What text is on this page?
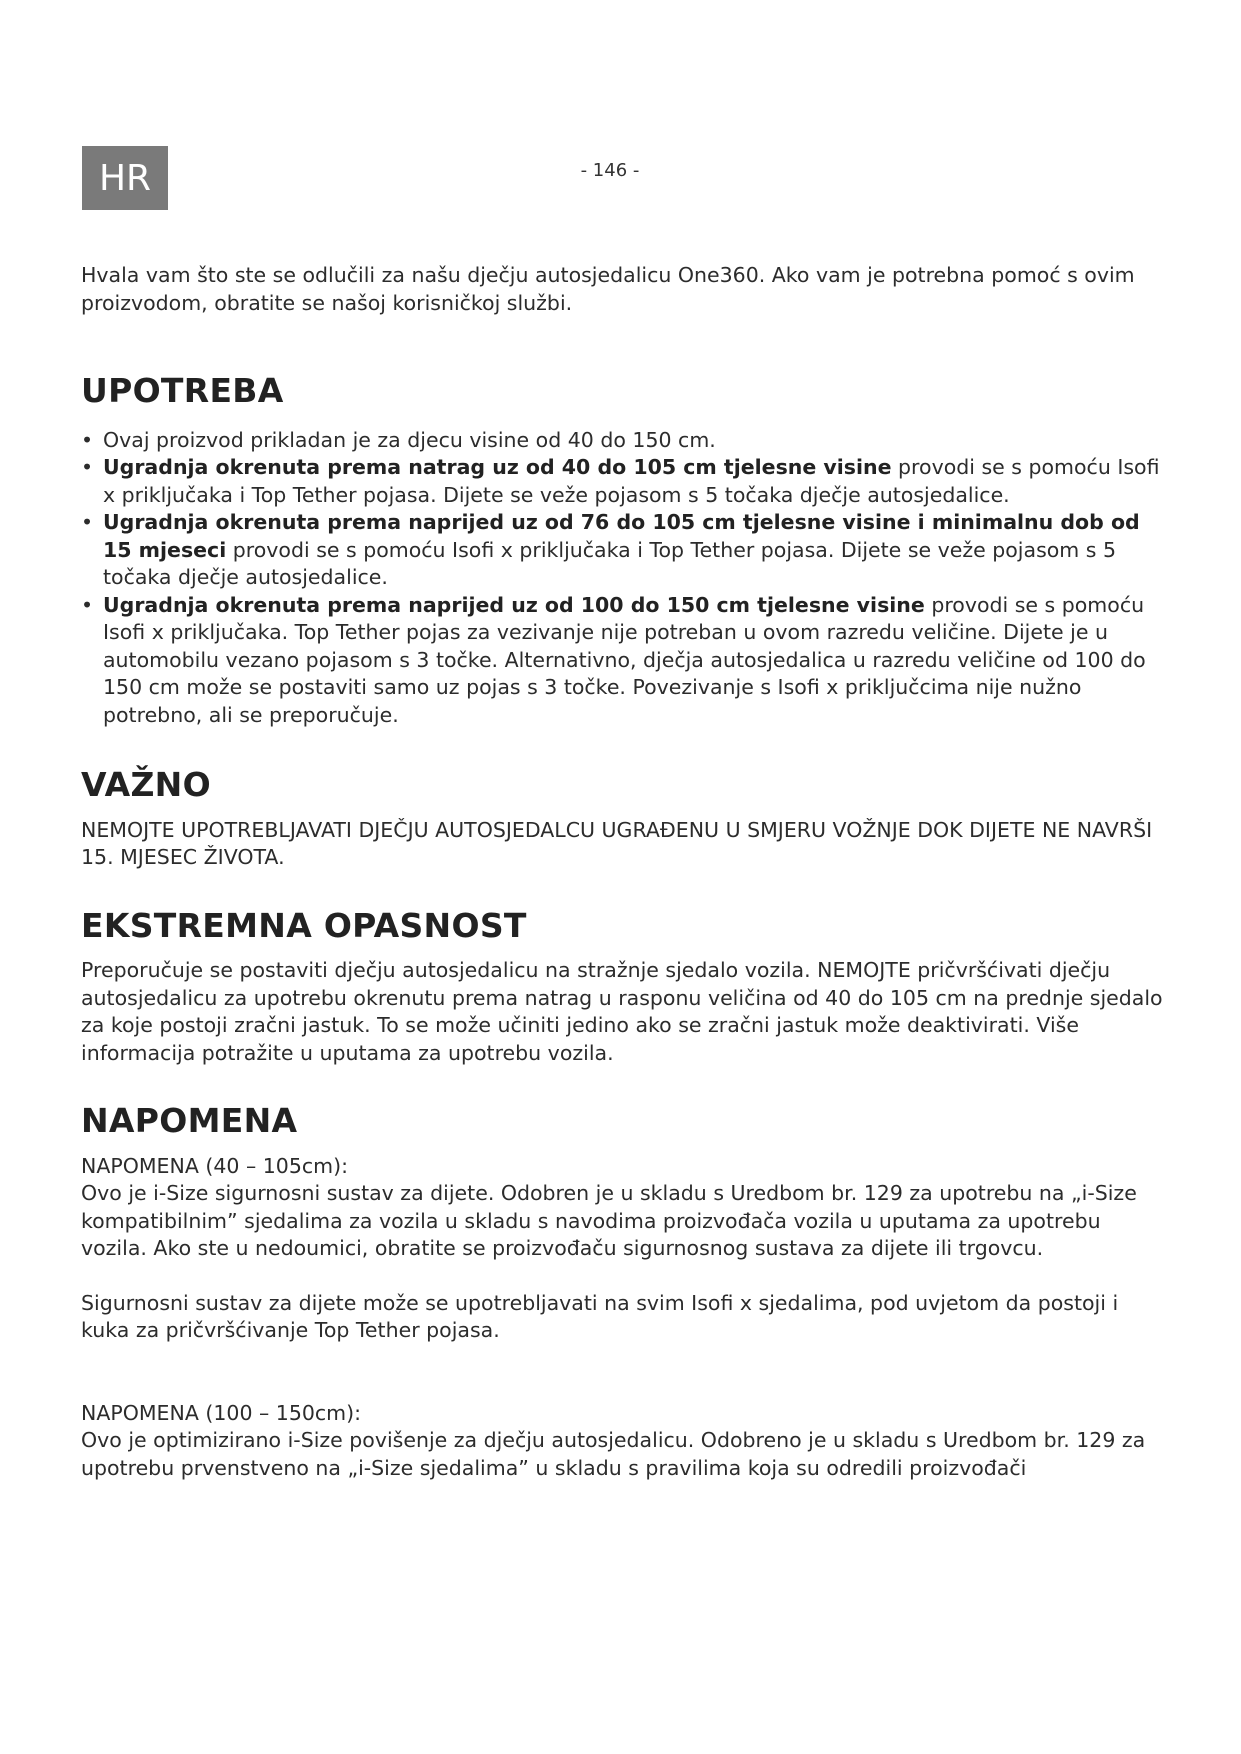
HR	- 146 -

Hvala vam što ste se odlučili za našu dječju autosjedalicu One360. Ako vam je potrebna pomoć s ovim proizvodom, obratite se našoj korisničkoj službi.

UPOTREBA
• Ovaj proizvod prikladan je za djecu visine od 40 do 150 cm.
• Ugradnja okrenuta prema natrag uz od 40 do 105 cm tjelesne visine provodi se s pomoću Isofi x priključaka i Top Tether pojasa. Dijete se veže pojasom s 5 točaka dječje autosjedalice.
• Ugradnja okrenuta prema naprijed uz od 76 do 105 cm tjelesne visine i minimalnu dob od 15 mjeseci provodi se s pomoću Isofi x priključaka i Top Tether pojasa. Dijete se veže pojasom s 5 točaka dječje autosjedalice.
• Ugradnja okrenuta prema naprijed uz od 100 do 150 cm tjelesne visine provodi se s pomoću Isofi x priključaka. Top Tether pojas za vezivanje nije potreban u ovom razredu veličine. Dijete je u automobilu vezano pojasom s 3 točke. Alternativno, dječja autosjedalica u razredu veličine od 100 do 150 cm može se postaviti samo uz pojas s 3 točke. Povezivanje s Isofi x priključcima nije nužno potrebno, ali se preporučuje.
VAŽNO

NEMOJTE UPOTREBLJAVATI DJEČJU AUTOSJEDALCU UGRAĐENU U SMJERU VOŽNJE DOK DIJETE NE NAVRŠI 15. MJESEC ŽIVOTA.

EKSTREMNA OPASNOST

Preporučuje se postaviti dječju autosjedalicu na stražnje sjedalo vozila. NEMOJTE pričvršćivati dječju autosjedalicu za upotrebu okrenutu prema natrag u rasponu veličina od 40 do 105 cm na prednje sjedalo za koje postoji zračni jastuk. To se može učiniti jedino ako se zračni jastuk može deaktivirati. Više informacija potražite u uputama za upotrebu vozila.

NAPOMENA

NAPOMENA (40 – 105cm):

Ovo je i-Size sigurnosni sustav za dijete. Odobren je u skladu s Uredbom br. 129 za upotrebu na „i-Size kompatibilnim” sjedalima za vozila u skladu s navodima proizvođača vozila u uputama za upotrebu vozila. Ako ste u nedoumici, obratite se proizvođaču sigurnosnog sustava za dijete ili trgovcu.

Sigurnosni sustav za dijete može se upotrebljavati na svim Isofi x sjedalima, pod uvjetom da postoji i kuka za pričvršćivanje Top Tether pojasa.

NAPOMENA (100 – 150cm):

Ovo je optimizirano i-Size povišenje za dječju autosjedalicu. Odobreno je u skladu s Uredbom br. 129 za upotrebu prvenstveno na „i-Size sjedalima” u skladu s pravilima koja su odredili proizvođači
